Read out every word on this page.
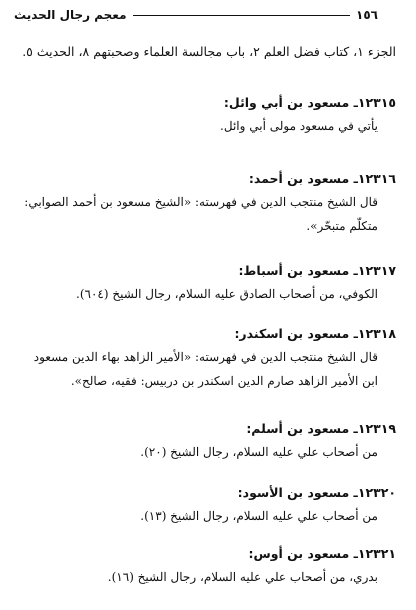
معجم رجال الحديث	١٥٦
الجزء ١، كتاب فضل العلم ٢، باب مجالسة العلماء وصحبتهم ٨، الحديث ٥.
١٢٣١٥ـ مسعود بن أبي وائل:
يأتي في مسعود مولى أبي وائل.
١٢٣١٦ـ مسعود بن أحمد:
قال الشيخ منتجب الدين في فهرسته: «الشيخ مسعود بن أحمد الصوابي:
متكلّم متبحّر».
١٢٣١٧ـ مسعود بن أسباط:
الكوفي، من أصحاب الصادق عليه السلام، رجال الشيخ (٦٠٤).
١٢٣١٨ـ مسعود بن اسكندر:
قال الشيخ منتجب الدين في فهرسته: «الأمير الزاهد بهاء الدين مسعود
ابن الأمير الزاهد صارم الدين اسكندر بن دربيس: فقيه، صالح».
١٢٣١٩ـ مسعود بن أسلم:
من أصحاب علي عليه السلام، رجال الشيخ (٢٠).
١٢٣٢٠ـ مسعود بن الأسود:
من أصحاب علي عليه السلام، رجال الشيخ (١٣).
١٢٣٢١ـ مسعود بن أوس:
بدري، من أصحاب علي عليه السلام، رجال الشيخ (١٦).
